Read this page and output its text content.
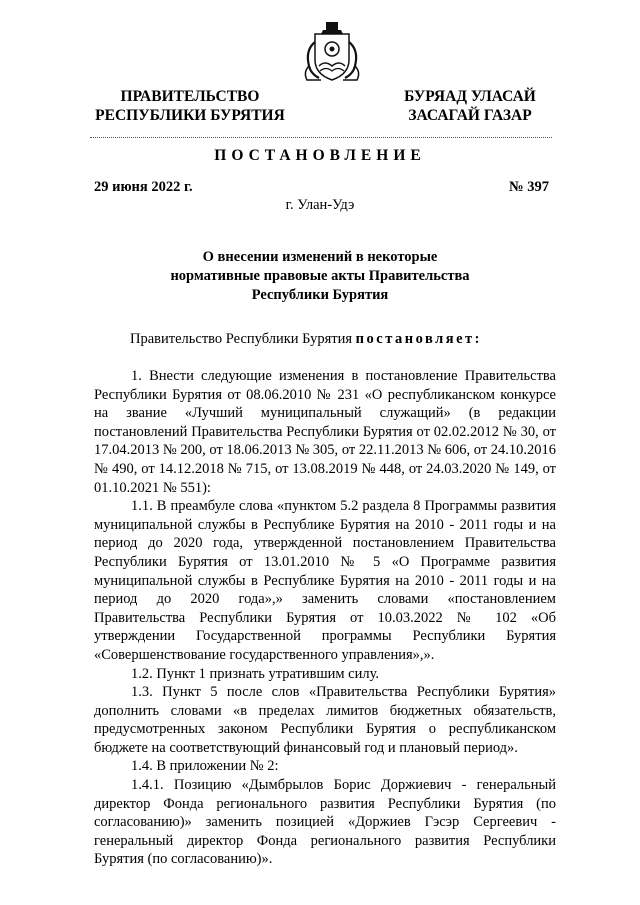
ПРАВИТЕЛЬСТВО
РЕСПУБЛИКИ БУРЯТИЯ
БУРЯАД УЛАСАЙ
ЗАСАГАЙ ГАЗАР
ПОСТАНОВЛЕНИЕ
29 июня 2022 г.	№ 397
г. Улан-Удэ
О внесении изменений в некоторые
нормативные правовые акты Правительства
Республики Бурятия
Правительство Республики Бурятия постановляет:

1. Внести следующие изменения в постановление Правительства Республики Бурятия от 08.06.2010 № 231 «О республиканском конкурсе на звание «Лучший муниципальный служащий» (в редакции постановлений Правительства Республики Бурятия от 02.02.2012 № 30, от 17.04.2013 № 200, от 18.06.2013 № 305, от 22.11.2013 № 606, от 24.10.2016 № 490, от 14.12.2018 № 715, от 13.08.2019 № 448, от 24.03.2020 № 149, от 01.10.2021 № 551):

1.1. В преамбуле слова «пунктом 5.2 раздела 8 Программы развития муниципальной службы в Республике Бурятия на 2010 - 2011 годы и на период до 2020 года, утвержденной постановлением Правительства Республики Бурятия от 13.01.2010 № 5 «О Программе развития муниципальной службы в Республике Бурятия на 2010 - 2011 годы и на период до 2020 года»,» заменить словами «постановлением Правительства Республики Бурятия от 10.03.2022 № 102 «Об утверждении Государственной программы Республики Бурятия «Совершенствование государственного управления»,».

1.2. Пункт 1 признать утратившим силу.

1.3. Пункт 5 после слов «Правительства Республики Бурятия» дополнить словами «в пределах лимитов бюджетных обязательств, предусмотренных законом Республики Бурятия о республиканском бюджете на соответствующий финансовый год и плановый период».

1.4. В приложении № 2:

1.4.1. Позицию «Дымбрылов Борис Доржиевич - генеральный директор Фонда регионального развития Республики Бурятия (по согласованию)» заменить позицией «Доржиев Гэсэр Сергеевич - генеральный директор Фонда регионального развития Республики Бурятия (по согласованию)».
